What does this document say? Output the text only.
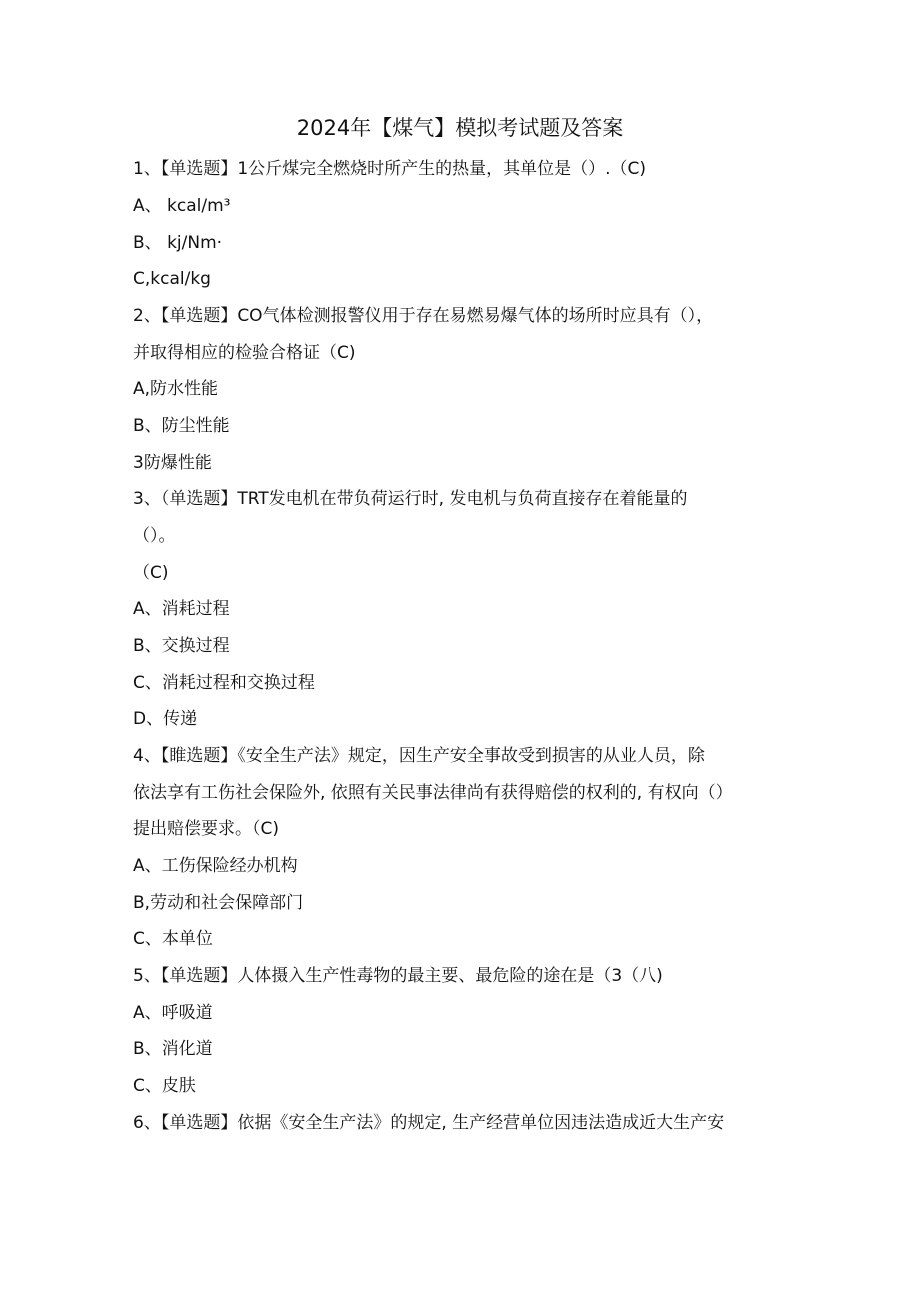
2024年【煤气】模拟考试题及答案
1、【单选题】1公斤煤完全燃烧时所产生的热量，其单位是（）.（C)
A、 kcal/m³
B、 kj/Nm·
C,kcal/kg
2、【单选题】CO气体检测报警仪用于存在易燃易爆气体的场所时应具有（），
并取得相应的检验合格证（C)
A,防水性能
B、防尘性能
3防爆性能
3、（单选题】TRT发电机在带负荷运行时, 发电机与负荷直接存在着能量的
（）。
（C)
A、消耗过程
B、交换过程
C、消耗过程和交换过程
D、传递
4、【睢选题】《安全生产法》规定，因生产安全事故受到损害的从业人员，除
依法享有工伤社会保险外, 依照有关民事法律尚有获得赔偿的权利的, 有权向（）
提出赔偿要求。（C)
A、工伤保险经办机构
B,劳动和社会保障部门
C、本单位
5、【单选题】人体摄入生产性毒物的最主要、最危险的途在是（3（八)
A、呼吸道
B、消化道
C、皮肤
6、【单选题】依据《安全生产法》的规定, 生产经营单位因违法造成近大生产安
